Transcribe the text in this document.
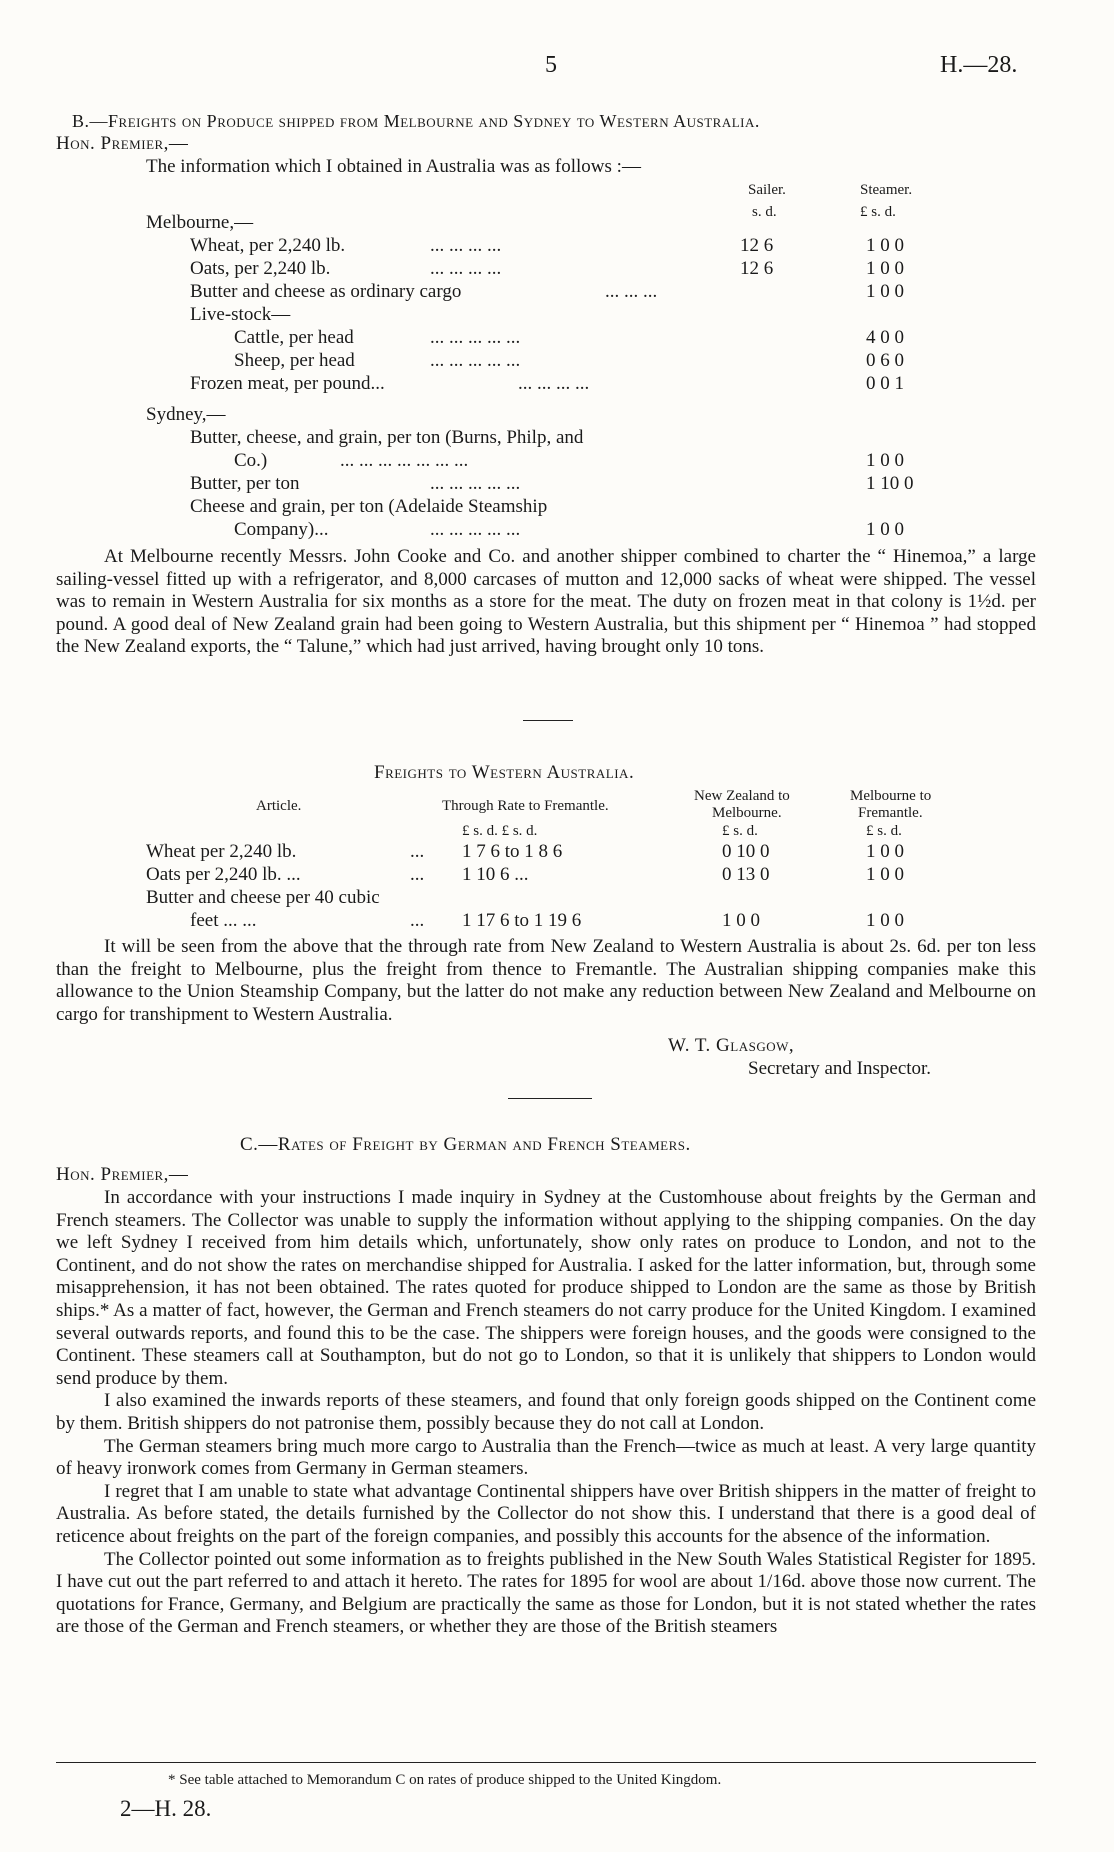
5	H.—28.
B.—Freights on Produce shipped from Melbourne and Sydney to Western Australia.
Hon. Premier,—
The information which I obtained in Australia was as follows :—
Sailer.	Steamer.
s. d.	£ s. d.
Melbourne,—
Wheat, per 2,240 lb.	... ... ... ...	12 6	1 0 0
Oats, per 2,240 lb.	... ... ... ...	12 6	1 0 0
Butter and cheese as ordinary cargo	... ... ...	1 0 0
Live-stock—
Cattle, per head	... ... ... ... ...	4 0 0
Sheep, per head	... ... ... ... ...	0 6 0
Frozen meat, per pound...	... ... ... ...	0 0 1
Sydney,—
Butter, cheese, and grain, per ton (Burns, Philp, and
Co.)	... ... ... ... ... ... ...	1 0 0
Butter, per ton	... ... ... ... ...	1 10 0
Cheese and grain, per ton (Adelaide Steamship
Company)...	... ... ... ... ...	1 0 0

At Melbourne recently Messrs. John Cooke and Co. and another shipper combined to charter the “ Hinemoa,” a large sailing-vessel fitted up with a refrigerator, and 8,000 carcases of mutton and 12,000 sacks of wheat were shipped. The vessel was to remain in Western Australia for six months as a store for the meat. The duty on frozen meat in that colony is 1½d. per pound. A good deal of New Zealand grain had been going to Western Australia, but this shipment per “ Hinemoa ” had stopped the New Zealand exports, the “ Talune,” which had just arrived, having brought only 10 tons.

Freights to Western Australia.
Article.	Through Rate to Fremantle.
New Zealand to
Melbourne.
Melbourne to
Fremantle.
£ s. d. £ s. d.	£ s. d.	£ s. d.
Wheat per 2,240 lb.	... 1 7 6 to 1 8 6	0 10 0	1 0 0
Oats per 2,240 lb. ...	... 1 10 6 ...	0 13 0	1 0 0
Butter and cheese per 40 cubic
feet ... ...	... 1 17 6 to 1 19 6	1 0 0	1 0 0

It will be seen from the above that the through rate from New Zealand to Western Australia is about 2s. 6d. per ton less than the freight to Melbourne, plus the freight from thence to Fremantle. The Australian shipping companies make this allowance to the Union Steamship Company, but the latter do not make any reduction between New Zealand and Melbourne on cargo for transhipment to Western Australia.

W. T. Glasgow,
Secretary and Inspector.
C.—Rates of Freight by German and French Steamers.
Hon. Premier,—

In accordance with your instructions I made inquiry in Sydney at the Customhouse about freights by the German and French steamers. The Collector was unable to supply the information without applying to the shipping companies. On the day we left Sydney I received from him details which, unfortunately, show only rates on produce to London, and not to the Continent, and do not show the rates on merchandise shipped for Australia. I asked for the latter information, but, through some misapprehension, it has not been obtained. The rates quoted for produce shipped to London are the same as those by British ships.* As a matter of fact, however, the German and French steamers do not carry produce for the United Kingdom. I examined several outwards reports, and found this to be the case. The shippers were foreign houses, and the goods were consigned to the Continent. These steamers call at Southampton, but do not go to London, so that it is unlikely that shippers to London would send produce by them.

I also examined the inwards reports of these steamers, and found that only foreign goods shipped on the Continent come by them. British shippers do not patronise them, possibly because they do not call at London.

The German steamers bring much more cargo to Australia than the French—twice as much at least. A very large quantity of heavy ironwork comes from Germany in German steamers.

I regret that I am unable to state what advantage Continental shippers have over British shippers in the matter of freight to Australia. As before stated, the details furnished by the Collector do not show this. I understand that there is a good deal of reticence about freights on the part of the foreign companies, and possibly this accounts for the absence of the information.

The Collector pointed out some information as to freights published in the New South Wales Statistical Register for 1895. I have cut out the part referred to and attach it hereto. The rates for 1895 for wool are about 1/16d. above those now current. The quotations for France, Germany, and Belgium are practically the same as those for London, but it is not stated whether the rates are those of the German and French steamers, or whether they are those of the British steamers

* See table attached to Memorandum C on rates of produce shipped to the United Kingdom.
2—H. 28.
